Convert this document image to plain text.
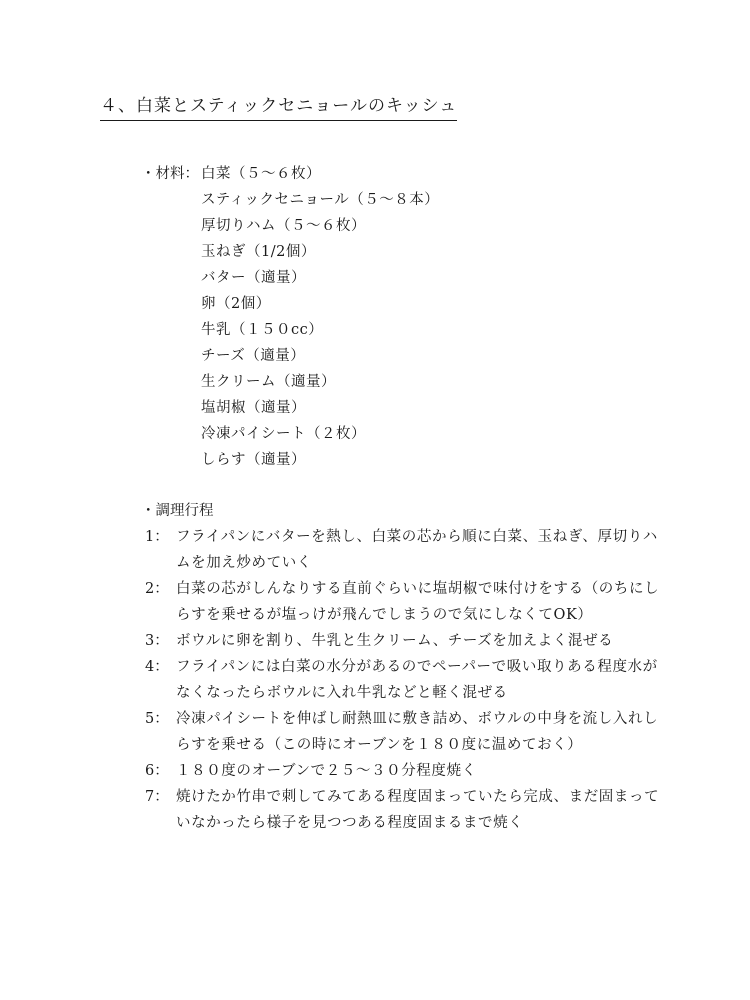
４、白菜とスティックセニョールのキッシュ
・材料： 白菜（５～６枚）
スティックセニョール（５～８本）
厚切りハム（５～６枚）
玉ねぎ（1/2個）
バター（適量）
卵（2個）
牛乳（１５０cc）
チーズ（適量）
生クリーム（適量）
塩胡椒（適量）
冷凍パイシート（２枚）
しらす（適量）
・調理行程
1： フライパンにバターを熱し、白菜の芯から順に白菜、玉ねぎ、厚切りハムを加え炒めていく
2： 白菜の芯がしんなりする直前ぐらいに塩胡椒で味付けをする（のちにしらすを乗せるが塩っけが飛んでしまうので気にしなくてOK）
3： ボウルに卵を割り、牛乳と生クリーム、チーズを加えよく混ぜる
4： フライパンには白菜の水分があるのでペーパーで吸い取りある程度水がなくなったらボウルに入れ牛乳などと軽く混ぜる
5： 冷凍パイシートを伸ばし耐熱皿に敷き詰め、ボウルの中身を流し入れしらすを乗せる（この時にオーブンを１８０度に温めておく）
6： １８０度のオーブンで２５～３０分程度焼く
7： 焼けたか竹串で刺してみてある程度固まっていたら完成、まだ固まっていなかったら様子を見つつある程度固まるまで焼く
